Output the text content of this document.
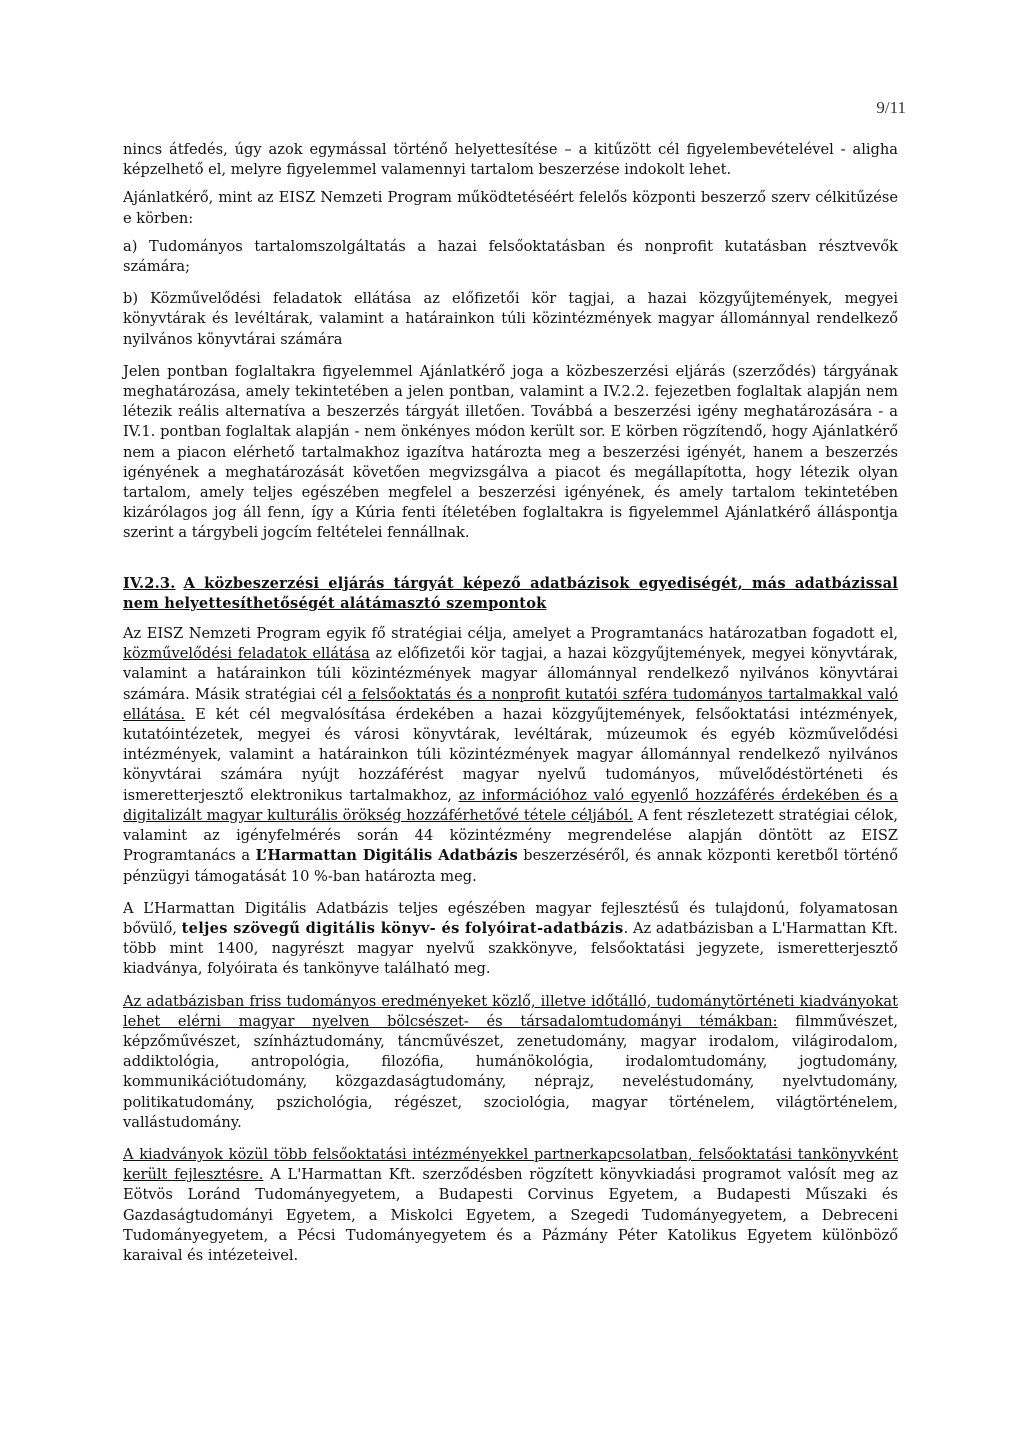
9/11

nincs átfedés, úgy azok egymással történő helyettesítése – a kitűzött cél figyelembevételével - aligha képzelhető el, melyre figyelemmel valamennyi tartalom beszerzése indokolt lehet.

Ajánlatkérő, mint az EISZ Nemzeti Program működtetéséért felelős központi beszerző szerv célkitűzése e körben:

a) Tudományos tartalomszolgáltatás a hazai felsőoktatásban és nonprofit kutatásban résztvevők számára;

b) Közművelődési feladatok ellátása az előfizetői kör tagjai, a hazai közgyűjtemények, megyei könyvtárak és levéltárak, valamint a határainkon túli közintézmények magyar állománnyal rendelkező nyilvános könyvtárai számára

Jelen pontban foglaltakra figyelemmel Ajánlatkérő joga a közbeszerzési eljárás (szerződés) tárgyának meghatározása, amely tekintetében a jelen pontban, valamint a IV.2.2. fejezetben foglaltak alapján nem létezik reális alternatíva a beszerzés tárgyát illetően. Továbbá a beszerzési igény meghatározására - a IV.1. pontban foglaltak alapján - nem önkényes módon került sor. E körben rögzítendő, hogy Ajánlatkérő nem a piacon elérhető tartalmakhoz igazítva határozta meg a beszerzési igényét, hanem a beszerzés igényének a meghatározását követően megvizsgálva a piacot és megállapította, hogy létezik olyan tartalom, amely teljes egészében megfelel a beszerzési igényének, és amely tartalom tekintetében kizárólagos jog áll fenn, így a Kúria fenti ítéletében foglaltakra is figyelemmel Ajánlatkérő álláspontja szerint a tárgybeli jogcím feltételei fennállnak.

IV.2.3. A közbeszerzési eljárás tárgyát képező adatbázisok egyediségét, más adatbázissal nem helyettesíthetőségét alátámasztó szempontok

Az EISZ Nemzeti Program egyik fő stratégiai célja, amelyet a Programtanács határozatban fogadott el, közművelődési feladatok ellátása az előfizetői kör tagjai, a hazai közgyűjtemények, megyei könyvtárak, valamint a határainkon túli közintézmények magyar állománnyal rendelkező nyilvános könyvtárai számára. Másik stratégiai cél a felsőoktatás és a nonprofit kutatói szféra tudományos tartalmakkal való ellátása. E két cél megvalósítása érdekében a hazai közgyűjtemények, felsőoktatási intézmények, kutatóintézetek, megyei és városi könyvtárak, levéltárak, múzeumok és egyéb közművelődési intézmények, valamint a határainkon túli közintézmények magyar állománnyal rendelkező nyilvános könyvtárai számára nyújt hozzáférést magyar nyelvű tudományos, művelődéstörténeti és ismeretterjesztő elektronikus tartalmakhoz, az információhoz való egyenlő hozzáférés érdekében és a digitalizált magyar kulturális örökség hozzáférhetővé tétele céljából. A fent részletezett stratégiai célok, valamint az igényfelmérés során 44 közintézmény megrendelése alapján döntött az EISZ Programtanács a L’Harmattan Digitális Adatbázis beszerzéséről, és annak központi keretből történő pénzügyi támogatását 10 %-ban határozta meg.

A L’Harmattan Digitális Adatbázis teljes egészében magyar fejlesztésű és tulajdonú, folyamatosan bővülő, teljes szövegű digitális könyv- és folyóirat-adatbázis. Az adatbázisban a L'Harmattan Kft. több mint 1400, nagyrészt magyar nyelvű szakkönyve, felsőoktatási jegyzete, ismeretterjesztő kiadványa, folyóirata és tankönyve található meg.

Az adatbázisban friss tudományos eredményeket közlő, illetve időtálló, tudománytörténeti kiadványokat lehet elérni magyar nyelven bölcsészet- és társadalomtudományi témákban: filmművészet, képzőművészet, színháztudomány, táncművészet, zenetudomány, magyar irodalom, világirodalom, addiktológia, antropológia, filozófia, humánökológia, irodalomtudomány, jogtudomány, kommunikációtudomány, közgazdaságtudomány, néprajz, neveléstudomány, nyelvtudomány, politikatudomány, pszichológia, régészet, szociológia, magyar történelem, világtörténelem, vallástudomány.

A kiadványok közül több felsőoktatási intézményekkel partnerkapcsolatban, felsőoktatási tankönyvként került fejlesztésre. A L'Harmattan Kft. szerződésben rögzített könyvkiadási programot valósít meg az Eötvös Loránd Tudományegyetem, a Budapesti Corvinus Egyetem, a Budapesti Műszaki és Gazdaságtudományi Egyetem, a Miskolci Egyetem, a Szegedi Tudományegyetem, a Debreceni Tudományegyetem, a Pécsi Tudományegyetem és a Pázmány Péter Katolikus Egyetem különböző karaival és intézeteivel.
